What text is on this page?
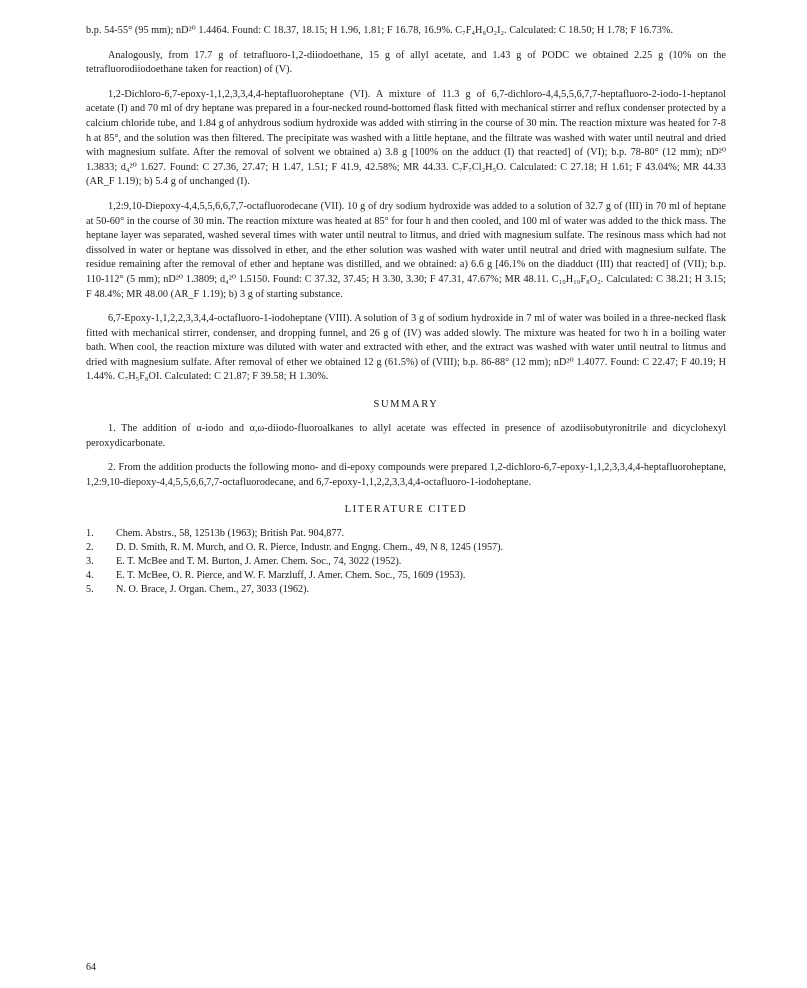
b.p. 54-55° (95 mm); nD²⁰ 1.4464. Found: C 18.37, 18.15; H 1.96, 1.81; F 16.78, 16.9%. C₇F₄H₈O₂I₂. Calculated: C 18.50; H 1.78; F 16.73%.

Analogously, from 17.7 g of tetrafluoro-1,2-diiodoethane, 15 g of allyl acetate, and 1.43 g of PODC we obtained 2.25 g (10% on the tetrafluorodiiodoethane taken for reaction) of (V).

1,2-Dichloro-6,7-epoxy-1,1,2,3,3,4,4-heptafluoroheptane (VI). A mixture of 11.3 g of 6,7-dichloro-4,4,5,5,6,7,7-heptafluoro-2-iodo-1-heptanol acetate (I) and 70 ml of dry heptane was prepared in a four-necked round-bottomed flask fitted with mechanical stirrer and reflux condenser protected by a calcium chloride tube, and 1.84 g of anhydrous sodium hydroxide was added with stirring in the course of 30 min. The reaction mixture was heated for 7-8 h at 85°, and the solution was then filtered. The precipitate was washed with a little heptane, and the filtrate was washed with water until neutral and dried with magnesium sulfate. After the removal of solvent we obtained a) 3.8 g [100% on the adduct (I) that reacted] of (VI); b.p. 78-80° (12 mm); nD²⁰ 1.3833; d₄²⁰ 1.627. Found: C 27.36, 27.47; H 1.47, 1.51; F 41.9, 42.58%; MR 44.33. C₇F₇Cl₂H₅O. Calculated: C 27.18; H 1.61; F 43.04%; MR 44.33 (AR_F 1.19); b) 5.4 g of unchanged (I).

1,2:9,10-Diepoxy-4,4,5,5,6,6,7,7-octafluorodecane (VII). 10 g of dry sodium hydroxide was added to a solution of 32.7 g of (III) in 70 ml of heptane at 50-60° in the course of 30 min. The reaction mixture was heated at 85° for four h and then cooled, and 100 ml of water was added to the thick mass. The heptane layer was separated, washed several times with water until neutral to litmus, and dried with magnesium sulfate. The resinous mass which had not dissolved in water or heptane was dissolved in ether, and the ether solution was washed with water until neutral and dried with magnesium sulfate. The residue remaining after the removal of ether and heptane was distilled, and we obtained: a) 6.6 g [46.1% on the diadduct (III) that reacted] of (VII); b.p. 110-112° (5 mm); nD²⁰ 1.3809; d₄²⁰ 1.5150. Found: C 37.32, 37.45; H 3.30, 3.30; F 47.31, 47.67%; MR 48.11. C₁₀H₁₀F₈O₂. Calculated: C 38.21; H 3.15; F 48.4%; MR 48.00 (AR_F 1.19); b) 3 g of starting substance.

6,7-Epoxy-1,1,2,2,3,3,4,4-octafluoro-1-iodoheptane (VIII). A solution of 3 g of sodium hydroxide in 7 ml of water was boiled in a three-necked flask fitted with mechanical stirrer, condenser, and dropping funnel, and 26 g of (IV) was added slowly. The mixture was heated for two h in a boiling water bath. When cool, the reaction mixture was diluted with water and extracted with ether, and the extract was washed with water until neutral to litmus and dried with magnesium sulfate. After removal of ether we obtained 12 g (61.5%) of (VIII); b.p. 86-88° (12 mm); nD²⁰ 1.4077. Found: C 22.47; F 40.19; H 1.44%. C₇H₅F₈OI. Calculated: C 21.87; F 39.58; H 1.30%.

SUMMARY

1. The addition of α-iodo and α,ω-diiodo-fluoroalkanes to allyl acetate was effected in presence of azodiisobutyronitrile and dicyclohexyl peroxydicarbonate.

2. From the addition products the following mono- and di-epoxy compounds were prepared 1,2-dichloro-6,7-epoxy-1,1,2,3,3,4,4-heptafluoroheptane, 1,2:9,10-diepoxy-4,4,5,5,6,6,7,7-octafluorodecane, and 6,7-epoxy-1,1,2,2,3,3,4,4-octafluoro-1-iodoheptane.

LITERATURE CITED
1.	Chem. Abstrs., 58, 12513b (1963); British Pat. 904,877.
2.	D. D. Smith, R. M. Murch, and O. R. Pierce, Industr. and Engng. Chem., 49, N 8, 1245 (1957).
3.	E. T. McBee and T. M. Burton, J. Amer. Chem. Soc., 74, 3022 (1952).
4.	E. T. McBee, O. R. Pierce, and W. F. Marzluff, J. Amer. Chem. Soc., 75, 1609 (1953).
5.	N. O. Brace, J. Organ. Chem., 27, 3033 (1962).
64
